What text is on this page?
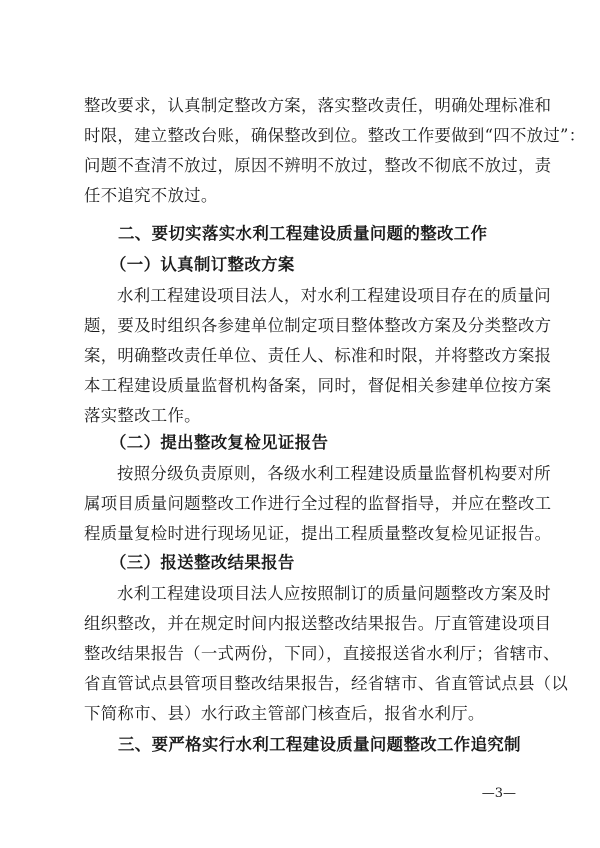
整改要求，认真制定整改方案，落实整改责任，明确处理标准和
时限，建立整改台账，确保整改到位。整改工作要做到“四不放过”：
问题不查清不放过，原因不辨明不放过，整改不彻底不放过，责
任不追究不放过。
二、要切实落实水利工程建设质量问题的整改工作
（一）认真制订整改方案
水利工程建设项目法人，对水利工程建设项目存在的质量问
题，要及时组织各参建单位制定项目整体整改方案及分类整改方
案，明确整改责任单位、责任人、标准和时限，并将整改方案报
本工程建设质量监督机构备案，同时，督促相关参建单位按方案
落实整改工作。
（二）提出整改复检见证报告
按照分级负责原则，各级水利工程建设质量监督机构要对所
属项目质量问题整改工作进行全过程的监督指导，并应在整改工
程质量复检时进行现场见证，提出工程质量整改复检见证报告。
（三）报送整改结果报告
水利工程建设项目法人应按照制订的质量问题整改方案及时
组织整改，并在规定时间内报送整改结果报告。厅直管建设项目
整改结果报告（一式两份，下同），直接报送省水利厅；省辖市、
省直管试点县管项目整改结果报告，经省辖市、省直管试点县（以
下简称市、县）水行政主管部门核查后，报省水利厅。
三、要严格实行水利工程建设质量问题整改工作追究制
—3—
